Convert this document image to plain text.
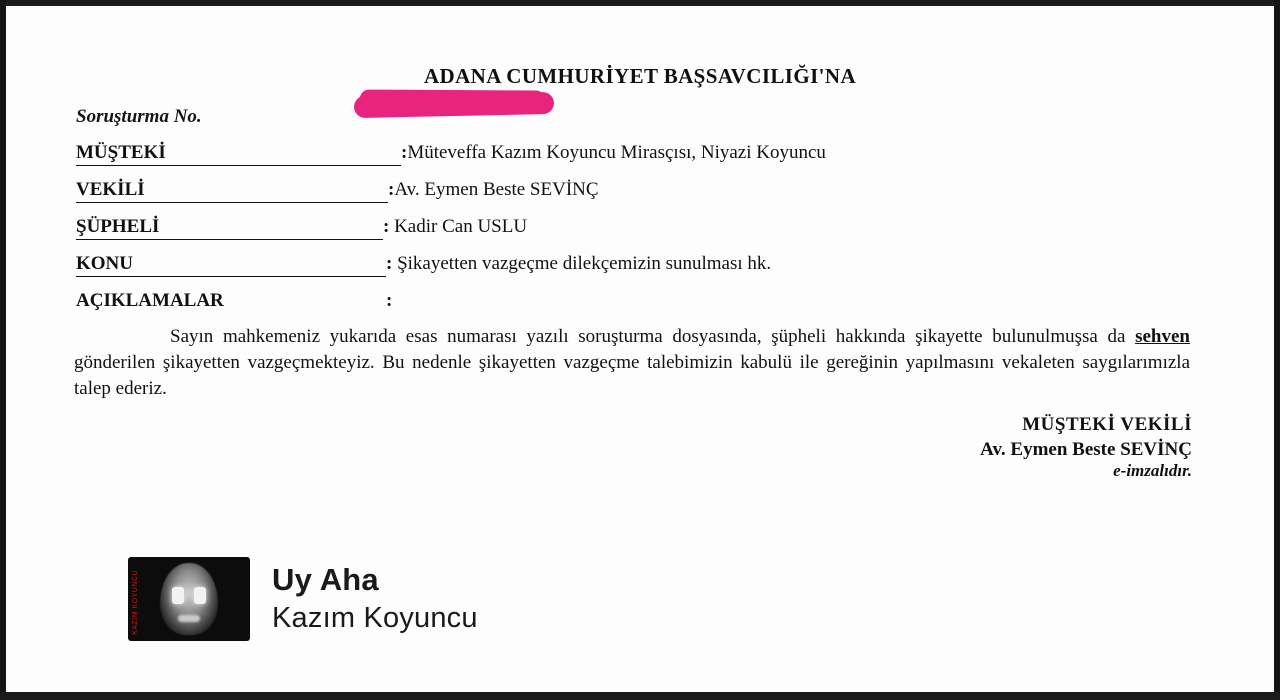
ADANA CUMHURİYET BAŞSAVCILIĞI'NA
Soruşturma No.
MÜŞTEKİ	:Müteveffa Kazım Koyuncu Mirasçısı, Niyazi Koyuncu
VEKİLİ	:Av. Eymen Beste SEVİNÇ
ŞÜPHELİ	: Kadir Can USLU
KONU	: Şikayetten vazgeçme dilekçemizin sunulması hk.
AÇIKLAMALAR	:
Sayın mahkemeniz yukarıda esas numarası yazılı soruşturma dosyasında, şüpheli hakkında şikayette bulunulmuşsa da sehven gönderilen şikayetten vazgeçmekteyiz. Bu nedenle şikayetten vazgeçme talebimizin kabulü ile gereğinin yapılmasını vekaleten saygılarımızla talep ederiz.
MÜŞTEKİ VEKİLİ
Av. Eymen Beste SEVİNÇ
e-imzalıdır.
KAZIM KOYUNCU	Uy Aha
Kazım Koyuncu
